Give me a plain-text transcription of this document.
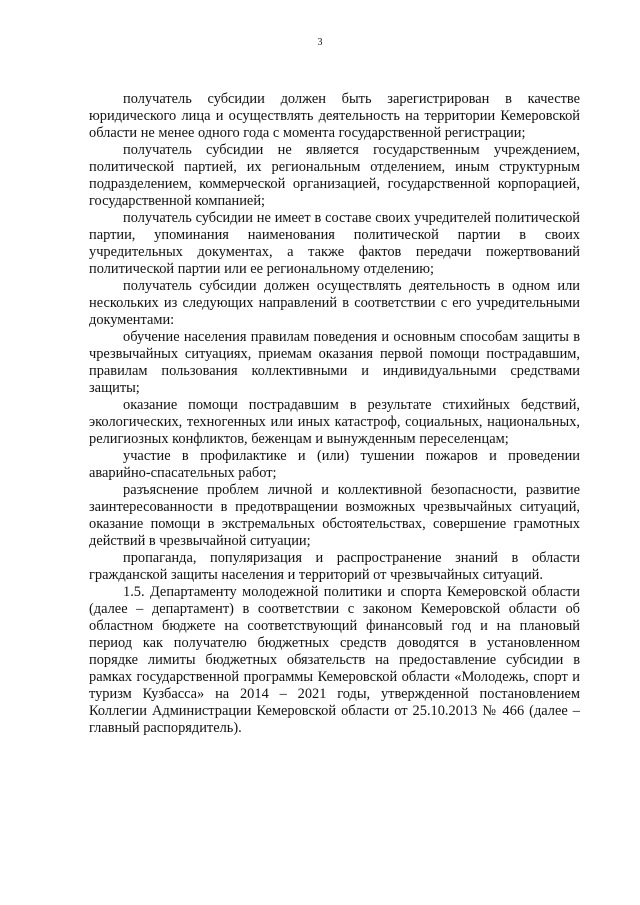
3

получатель субсидии должен быть зарегистрирован в качестве юридического лица и осуществлять деятельность на территории Кемеровской области не менее одного года с момента государственной регистрации;

получатель субсидии не является государственным учреждением, политической партией, их региональным отделением, иным структурным подразделением, коммерческой организацией, государственной корпорацией, государственной компанией;

получатель субсидии не имеет в составе своих учредителей политической партии, упоминания наименования политической партии в своих учредительных документах, а также фактов передачи пожертвований политической партии или ее региональному отделению;

получатель субсидии должен осуществлять деятельность в одном или нескольких из следующих направлений в соответствии с его учредительными документами:

обучение населения правилам поведения и основным способам защиты в чрезвычайных ситуациях, приемам оказания первой помощи пострадавшим, правилам пользования коллективными и индивидуальными средствами защиты;

оказание помощи пострадавшим в результате стихийных бедствий, экологических, техногенных или иных катастроф, социальных, национальных, религиозных конфликтов, беженцам и вынужденным переселенцам;

участие в профилактике и (или) тушении пожаров и проведении аварийно-спасательных работ;

разъяснение проблем личной и коллективной безопасности, развитие заинтересованности в предотвращении возможных чрезвычайных ситуаций, оказание помощи в экстремальных обстоятельствах, совершение грамотных действий в чрезвычайной ситуации;

пропаганда, популяризация и распространение знаний в области гражданской защиты населения и территорий от чрезвычайных ситуаций.

1.5. Департаменту молодежной политики и спорта Кемеровской области (далее – департамент) в соответствии с законом Кемеровской области об областном бюджете на соответствующий финансовый год и на плановый период как получателю бюджетных средств доводятся в установленном порядке лимиты бюджетных обязательств на предоставление субсидии в рамках государственной программы Кемеровской области «Молодежь, спорт и туризм Кузбасса» на 2014 – 2021 годы, утвержденной постановлением Коллегии Администрации Кемеровской области от 25.10.2013 № 466 (далее – главный распорядитель).
